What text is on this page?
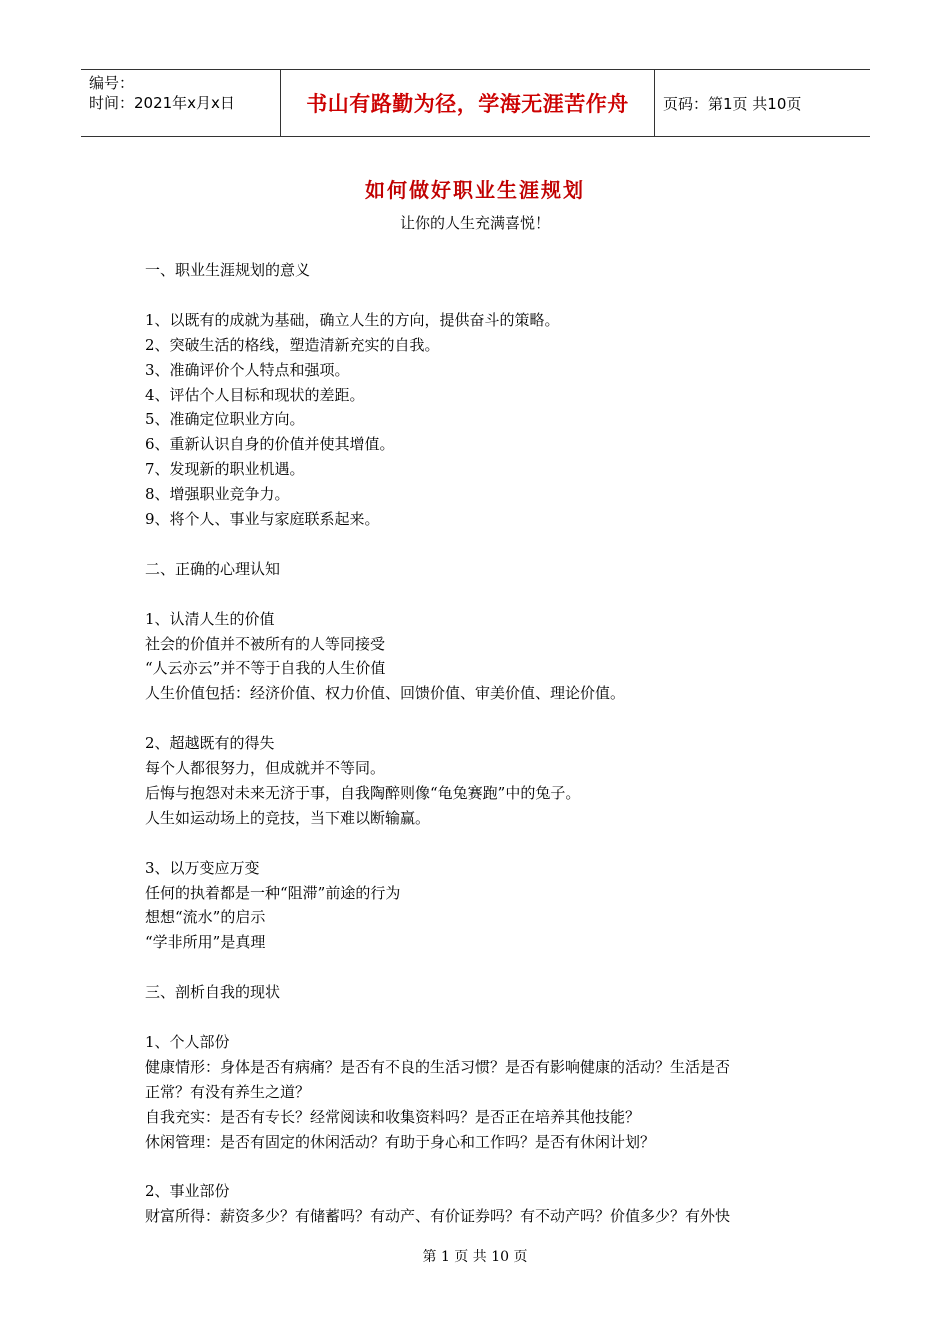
编号：
时间：2021年x月x日	书山有路勤为径，学海无涯苦作舟	页码：第1页 共10页
如何做好职业生涯规划
让你的人生充满喜悦！

一、职业生涯规划的意义

1、以既有的成就为基础，确立人生的方向，提供奋斗的策略。

2、突破生活的格线，塑造清新充实的自我。

3、准确评价个人特点和强项。

4、评估个人目标和现状的差距。

5、准确定位职业方向。

6、重新认识自身的价值并使其增值。

7、发现新的职业机遇。

8、增强职业竞争力。

9、将个人、事业与家庭联系起来。

二、正确的心理认知

1、认清人生的价值

社会的价值并不被所有的人等同接受

“人云亦云”并不等于自我的人生价值

人生价值包括：经济价值、权力价值、回馈价值、审美价值、理论价值。

2、超越既有的得失

每个人都很努力，但成就并不等同。

后悔与抱怨对未来无济于事，自我陶醉则像“龟兔赛跑”中的兔子。

人生如运动场上的竞技，当下难以断输赢。

3、以万变应万变

任何的执着都是一种“阻滞”前途的行为

想想“流水”的启示

“学非所用”是真理

三、剖析自我的现状

1、个人部份

健康情形：身体是否有病痛？是否有不良的生活习惯？是否有影响健康的活动？生活是否

正常？有没有养生之道？

自我充实：是否有专长？经常阅读和收集资料吗？是否正在培养其他技能？

休闲管理：是否有固定的休闲活动？有助于身心和工作吗？是否有休闲计划？

2、事业部份

财富所得：薪资多少？有储蓄吗？有动产、有价证券吗？有不动产吗？价值多少？有外快

第 1 页 共 10 页
